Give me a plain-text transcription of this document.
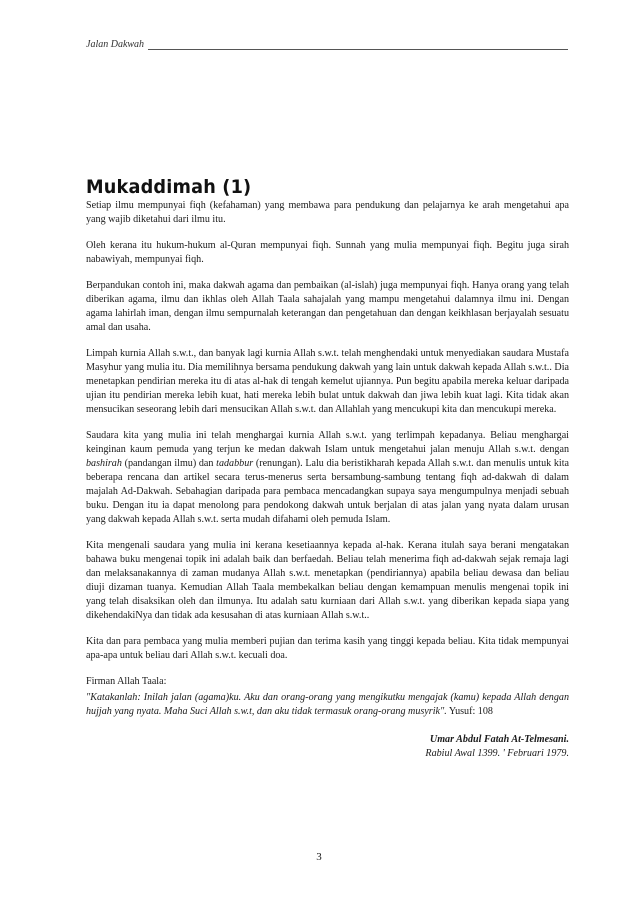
Jalan Dakwah
Mukaddimah (1)

Setiap ilmu mempunyai fiqh (kefahaman) yang membawa para pendukung dan pelajarnya ke arah mengetahui apa yang wajib diketahui dari ilmu itu.

Oleh kerana itu hukum-hukum al-Quran mempunyai fiqh. Sunnah yang mulia mempunyai fiqh. Begitu juga sirah nabawiyah, mempunyai fiqh.

Berpandukan contoh ini, maka dakwah agama dan pembaikan (al-islah) juga mempunyai fiqh. Hanya orang yang telah diberikan agama, ilmu dan ikhlas oleh Allah Taala sahajalah yang mampu mengetahui dalamnya ilmu ini. Dengan agama lahirlah iman, dengan ilmu sempurnalah keterangan dan pengetahuan dan dengan keikhlasan berjayalah sesuatu amal dan usaha.

Limpah kurnia Allah s.w.t., dan banyak lagi kurnia Allah s.w.t. telah menghendaki untuk menyediakan saudara Mustafa Masyhur yang mulia itu. Dia memilihnya bersama pendukung dakwah yang lain untuk dakwah kepada Allah s.w.t.. Dia menetapkan pendirian mereka itu di atas al-hak di tengah kemelut ujiannya. Pun begitu apabila mereka keluar daripada ujian itu pendirian mereka lebih kuat, hati mereka lebih bulat untuk dakwah dan jiwa lebih kuat lagi. Kita tidak akan mensucikan seseorang lebih dari mensucikan Allah s.w.t. dan Allahlah yang mencukupi kita dan mencukupi mereka.

Saudara kita yang mulia ini telah menghargai kurnia Allah s.w.t. yang terlimpah kepadanya. Beliau menghargai keinginan kaum pemuda yang terjun ke medan dakwah Islam untuk mengetahui jalan menuju Allah s.w.t. dengan bashirah (pandangan ilmu) dan tadabbur (renungan). Lalu dia beristikharah kepada Allah s.w.t. dan menulis untuk kita beberapa rencana dan artikel secara terus-menerus serta bersambung-sambung tentang fiqh ad-dakwah di dalam majalah Ad-Dakwah. Sebahagian daripada para pembaca mencadangkan supaya saya mengumpulnya menjadi sebuah buku. Dengan itu ia dapat menolong para pendokong dakwah untuk berjalan di atas jalan yang nyata dalam urusan yang dakwah kepada Allah s.w.t. serta mudah difahami oleh pemuda Islam.

Kita mengenali saudara yang mulia ini kerana kesetiaannya kepada al-hak. Kerana itulah saya berani mengatakan bahawa buku mengenai topik ini adalah baik dan berfaedah. Beliau telah menerima fiqh ad-dakwah sejak remaja lagi dan melaksanakannya di zaman mudanya Allah s.w.t. menetapkan (pendiriannya) apabila beliau dewasa dan beliau diuji dizaman tuanya. Kemudian Allah Taala membekalkan beliau dengan kemampuan menulis mengenai topik ini yang telah disaksikan oleh dan ilmunya. Itu adalah satu kurniaan dari Allah s.w.t. yang diberikan kepada siapa yang dikehendakiNya dan tidak ada kesusahan di atas kurniaan Allah s.w.t..

Kita dan para pembaca yang mulia memberi pujian dan terima kasih yang tinggi kepada beliau. Kita tidak mempunyai apa-apa untuk beliau dari Allah s.w.t. kecuali doa.

Firman Allah Taala:

"Katakanlah: Inilah jalan (agama)ku. Aku dan orang-orang yang mengikutku mengajak (kamu) kepada Allah dengan hujjah yang nyata. Maha Suci Allah s.w.t, dan aku tidak termasuk orang-orang musyrik". Yusuf: 108

Umar Abdul Fatah At-Telmesani.
Rabiul Awal 1399. ' Februari 1979.
3
